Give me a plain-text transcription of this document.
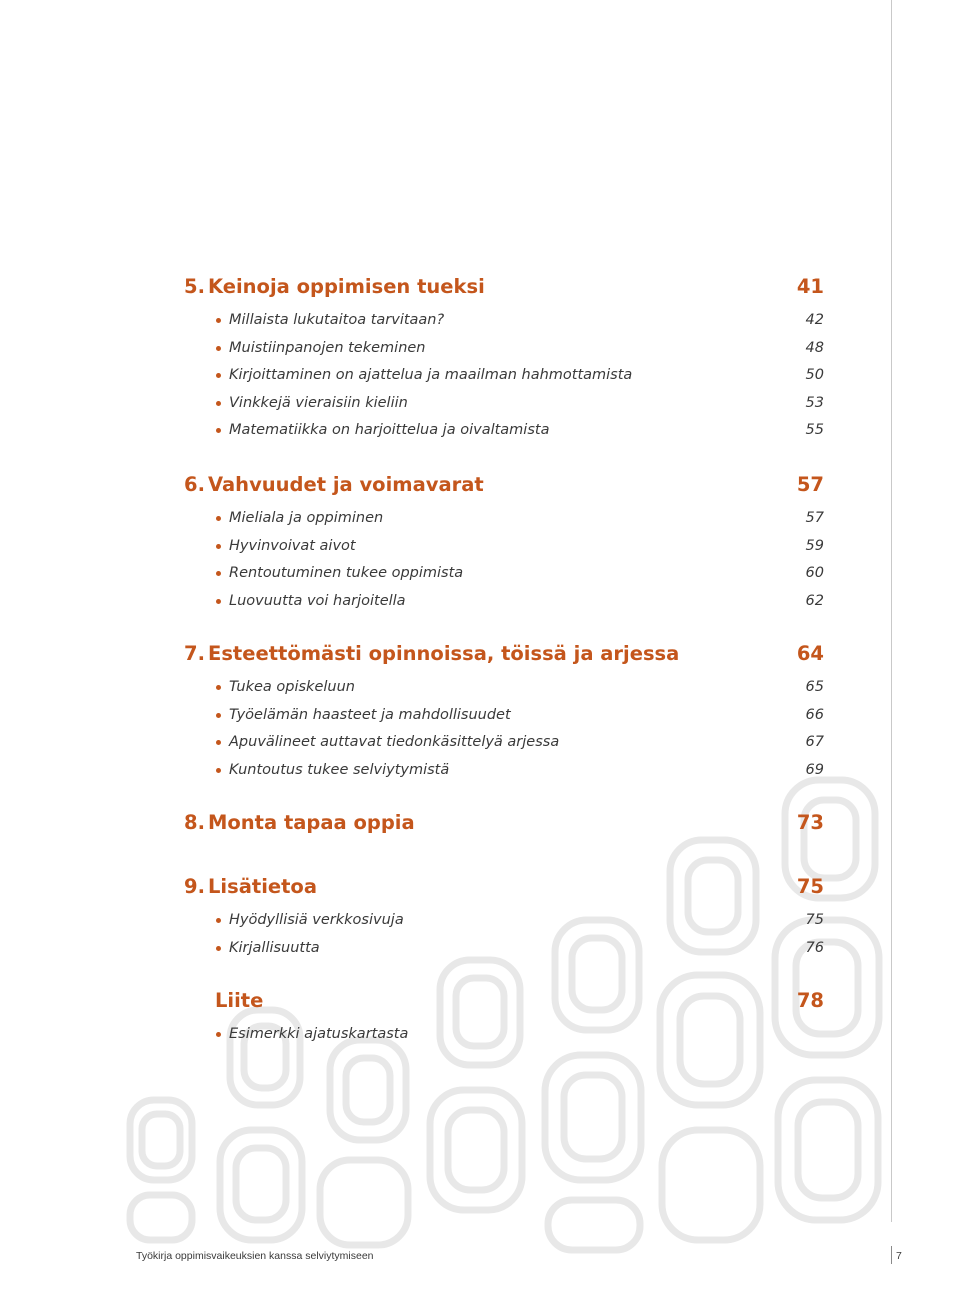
5. Keinoja oppimisen tueksi	41
Millaista lukutaitoa tarvitaan?	42
Muistiinpanojen tekeminen	48
Kirjoittaminen on ajattelua ja maailman hahmottamista	50
Vinkkejä vieraisiin kieliin	53
Matematiikka on harjoittelua ja oivaltamista	55
6. Vahvuudet ja voimavarat	57
Mieliala ja oppiminen	57
Hyvinvoivat aivot	59
Rentoutuminen tukee oppimista	60
Luovuutta voi harjoitella	62
7. Esteettömästi opinnoissa, töissä ja arjessa	64
Tukea opiskeluun	65
Työelämän haasteet ja mahdollisuudet	66
Apuvälineet auttavat tiedonkäsittelyä arjessa	67
Kuntoutus tukee selviytymistä	69
8. Monta tapaa oppia	73
9. Lisätietoa	75
Hyödyllisiä verkkosivuja	75
Kirjallisuutta	76
Liite	78
Esimerkki ajatuskartasta
Työkirja oppimisvaikeuksien kanssa selviytymiseen	7
